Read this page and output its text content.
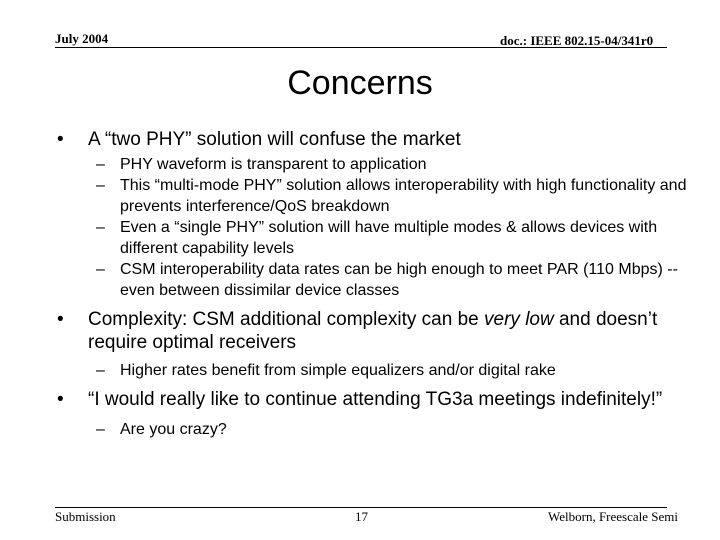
July 2004	doc.: IEEE 802.15-04/341r0
Concerns
• A “two PHY” solution will confuse the market
– PHY waveform is transparent to application
– This “multi-mode PHY” solution allows interoperability with high functionality and prevents interference/QoS breakdown
– Even a “single PHY” solution will have multiple modes & allows devices with different capability levels
– CSM interoperability data rates can be high enough to meet PAR (110 Mbps) -- even between dissimilar device classes
• Complexity: CSM additional complexity can be very low and doesn’t require optimal receivers
– Higher rates benefit from simple equalizers and/or digital rake
• “I would really like to continue attending TG3a meetings indefinitely!”
– Are you crazy?
Submission	17	Welborn, Freescale Semi
